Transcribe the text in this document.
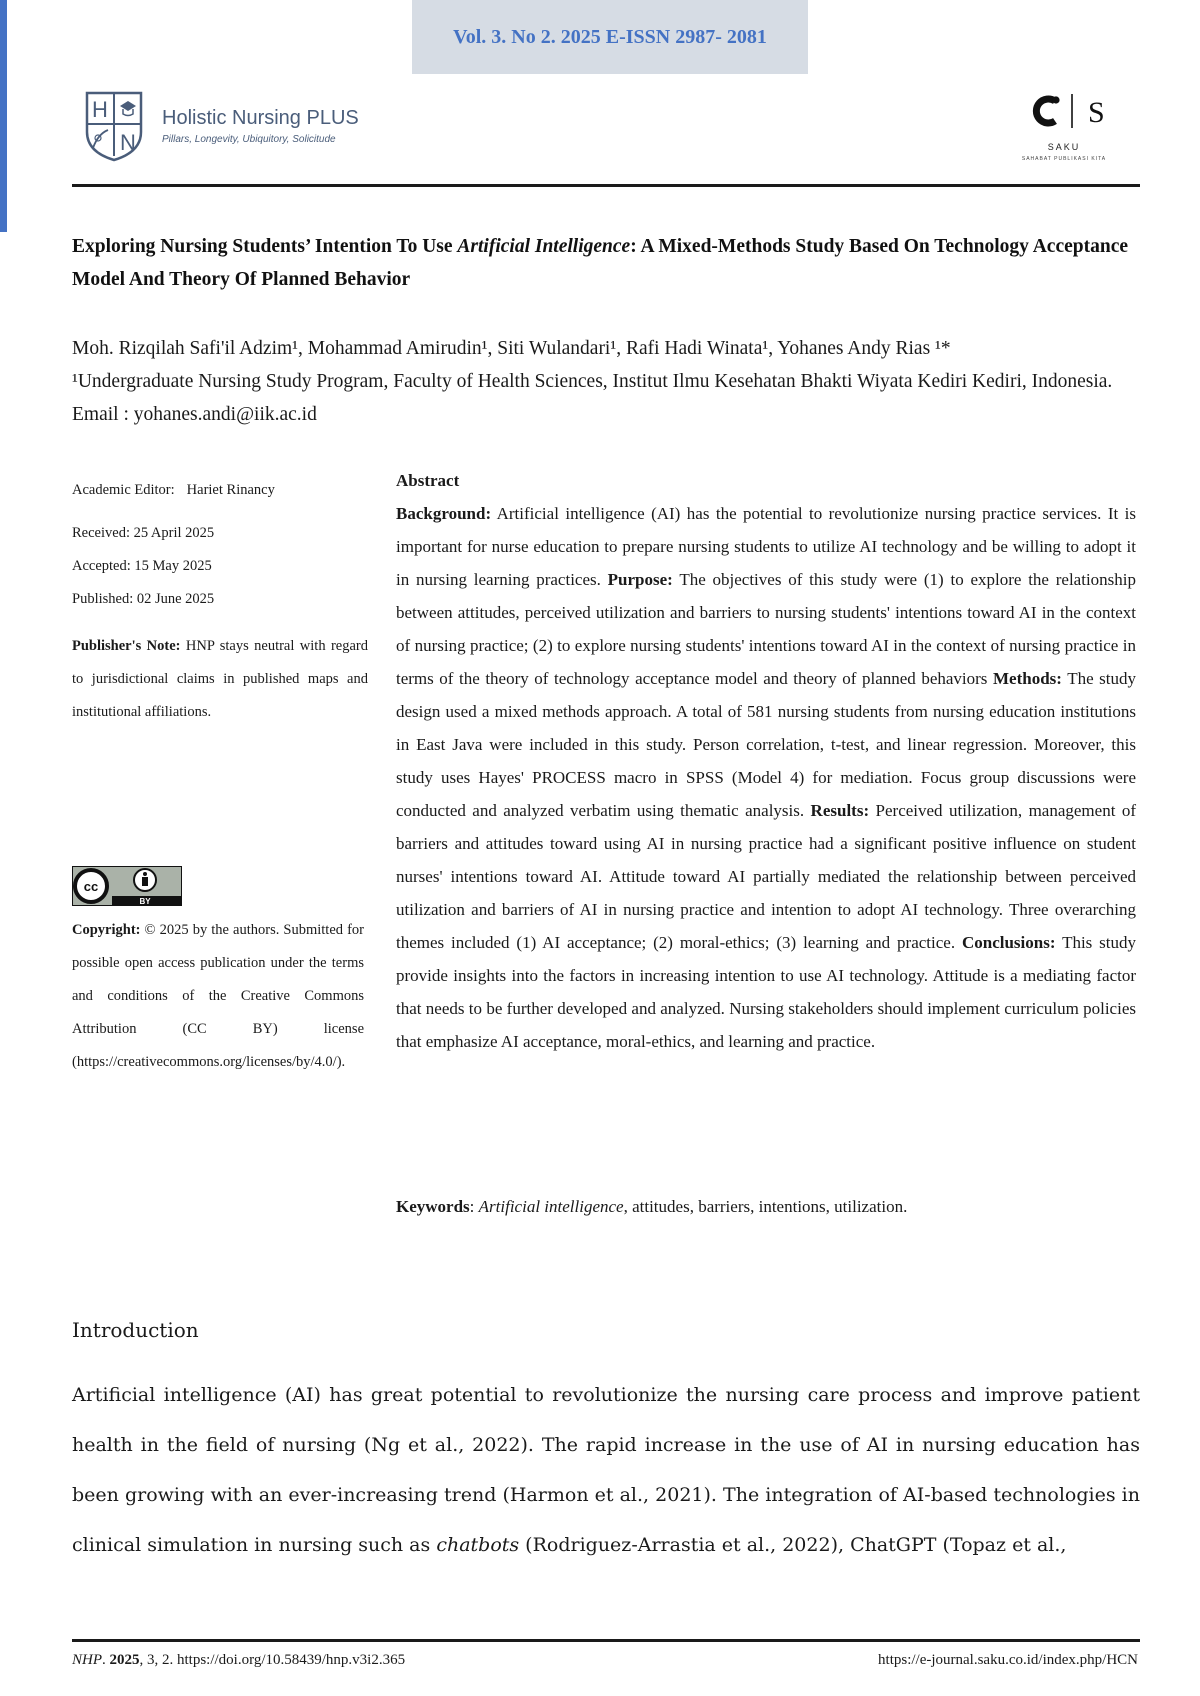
Vol. 3. No 2. 2025 E-ISSN 2987- 2081
H
N
Holistic Nursing PLUS
Pillars, Longevity, Ubiquitory, Solicitude
S
SAKU
SAHABAT PUBLIKASI KITA
Exploring Nursing Students’ Intention To Use Artificial Intelligence: A Mixed-Methods Study Based On Technology Acceptance Model And Theory Of Planned Behavior
Moh. Rizqilah Safi'il Adzim¹, Mohammad Amirudin¹, Siti Wulandari¹, Rafi Hadi Winata¹, Yohanes Andy Rias ¹*
¹Undergraduate Nursing Study Program, Faculty of Health Sciences, Institut Ilmu Kesehatan Bhakti Wiyata Kediri Kediri, Indonesia. Email : yohanes.andi@iik.ac.id
Academic Editor: Hariet Rinancy
Received: 25 April 2025
Accepted: 15 May 2025
Published: 02 June 2025
Publisher's Note: HNP stays neutral with regard to jurisdictional claims in published maps and institutional affiliations.
cc
BY
Copyright: © 2025 by the authors. Submitted for possible open access publication under the terms and conditions of the Creative Commons Attribution (CC BY) license (https://creativecommons.org/licenses/by/4.0/).
Abstract
Background: Artificial intelligence (AI) has the potential to revolutionize nursing practice services. It is important for nurse education to prepare nursing students to utilize AI technology and be willing to adopt it in nursing learning practices. Purpose: The objectives of this study were (1) to explore the relationship between attitudes, perceived utilization and barriers to nursing students' intentions toward AI in the context of nursing practice; (2) to explore nursing students' intentions toward AI in the context of nursing practice in terms of the theory of technology acceptance model and theory of planned behaviors Methods: The study design used a mixed methods approach. A total of 581 nursing students from nursing education institutions in East Java were included in this study. Person correlation, t-test, and linear regression. Moreover, this study uses Hayes' PROCESS macro in SPSS (Model 4) for mediation. Focus group discussions were conducted and analyzed verbatim using thematic analysis. Results: Perceived utilization, management of barriers and attitudes toward using AI in nursing practice had a significant positive influence on student nurses' intentions toward AI. Attitude toward AI partially mediated the relationship between perceived utilization and barriers of AI in nursing practice and intention to adopt AI technology. Three overarching themes included (1) AI acceptance; (2) moral-ethics; (3) learning and practice. Conclusions: This study provide insights into the factors in increasing intention to use AI technology. Attitude is a mediating factor that needs to be further developed and analyzed. Nursing stakeholders should implement curriculum policies that emphasize AI acceptance, moral-ethics, and learning and practice.
Keywords: Artificial intelligence, attitudes, barriers, intentions, utilization.
Introduction
Artificial intelligence (AI) has great potential to revolutionize the nursing care process and improve patient health in the field of nursing (Ng et al., 2022). The rapid increase in the use of AI in nursing education has been growing with an ever-increasing trend (Harmon et al., 2021). The integration of AI-based technologies in clinical simulation in nursing such as chatbots (Rodriguez-Arrastia et al., 2022), ChatGPT (Topaz et al.,
NHP. 2025, 3, 2. https://doi.org/10.58439/hnp.v3i2.365	https://e-journal.saku.co.id/index.php/HCN
